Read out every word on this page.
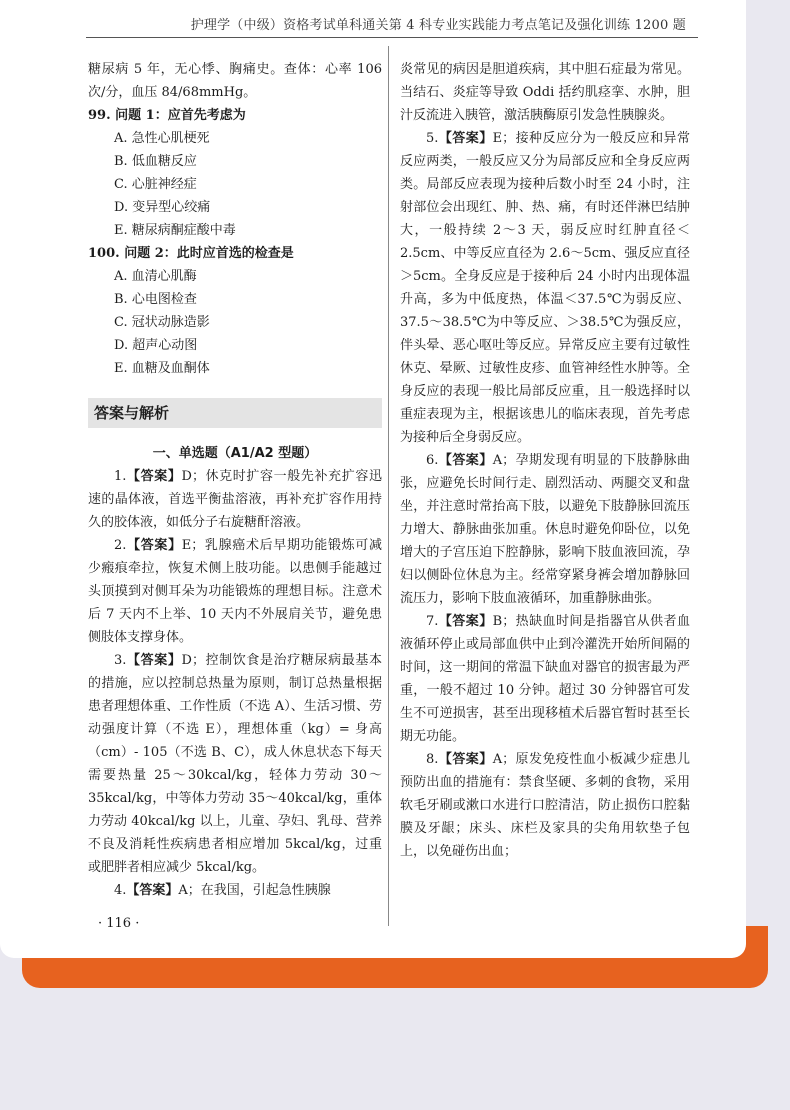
护理学（中级）资格考试单科通关第 4 科专业实践能力考点笔记及强化训练 1200 题

糖尿病 5 年，无心悸、胸痛史。查体：心率 106 次/分，血压 84/68mmHg。

99. 问题 1：应首先考虑为

A. 急性心肌梗死

B. 低血糖反应

C. 心脏神经症

D. 变异型心绞痛

E. 糖尿病酮症酸中毒

100. 问题 2：此时应首选的检查是

A. 血清心肌酶

B. 心电图检查

C. 冠状动脉造影

D. 超声心动图

E. 血糖及血酮体

答案与解析

一、单选题（A1/A2 型题）

1.【答案】D；休克时扩容一般先补充扩容迅速的晶体液，首选平衡盐溶液，再补充扩容作用持久的胶体液，如低分子右旋糖酐溶液。

2.【答案】E；乳腺癌术后早期功能锻炼可减少瘢痕牵拉，恢复术侧上肢功能。以患侧手能越过头顶摸到对侧耳朵为功能锻炼的理想目标。注意术后 7 天内不上举、10 天内不外展肩关节，避免患侧肢体支撑身体。

3.【答案】D；控制饮食是治疗糖尿病最基本的措施，应以控制总热量为原则，制订总热量根据患者理想体重、工作性质（不选 A）、生活习惯、劳动强度计算（不选 E），理想体重（kg）= 身高（cm）- 105（不选 B、C），成人休息状态下每天需要热量 25～30kcal/kg，轻体力劳动 30～35kcal/kg，中等体力劳动 35～40kcal/kg，重体力劳动 40kcal/kg 以上，儿童、孕妇、乳母、营养不良及消耗性疾病患者相应增加 5kcal/kg，过重或肥胖者相应减少 5kcal/kg。

4.【答案】A；在我国，引起急性胰腺

炎常见的病因是胆道疾病，其中胆石症最为常见。当结石、炎症等导致 Oddi 括约肌痉挛、水肿，胆汁反流进入胰管，激活胰酶原引发急性胰腺炎。

5.【答案】E；接种反应分为一般反应和异常反应两类，一般反应又分为局部反应和全身反应两类。局部反应表现为接种后数小时至 24 小时，注射部位会出现红、肿、热、痛，有时还伴淋巴结肿大，一般持续 2～3 天，弱反应时红肿直径＜2.5cm、中等反应直径为 2.6～5cm、强反应直径＞5cm。全身反应是于接种后 24 小时内出现体温升高，多为中低度热，体温＜37.5℃为弱反应、37.5～38.5℃为中等反应、＞38.5℃为强反应，伴头晕、恶心呕吐等反应。异常反应主要有过敏性休克、晕厥、过敏性皮疹、血管神经性水肿等。全身反应的表现一般比局部反应重，且一般选择时以重症表现为主，根据该患儿的临床表现，首先考虑为接种后全身弱反应。

6.【答案】A；孕期发现有明显的下肢静脉曲张，应避免长时间行走、剧烈活动、两腿交叉和盘坐，并注意时常抬高下肢，以避免下肢静脉回流压力增大、静脉曲张加重。休息时避免仰卧位，以免增大的子宫压迫下腔静脉，影响下肢血液回流，孕妇以侧卧位休息为主。经常穿紧身裤会增加静脉回流压力，影响下肢血液循环，加重静脉曲张。

7.【答案】B；热缺血时间是指器官从供者血液循环停止或局部血供中止到冷灌洗开始所间隔的时间，这一期间的常温下缺血对器官的损害最为严重，一般不超过 10 分钟。超过 30 分钟器官可发生不可逆损害，甚至出现移植术后器官暂时甚至长期无功能。

8.【答案】A；原发免疫性血小板减少症患儿预防出血的措施有：禁食坚硬、多刺的食物，采用软毛牙刷或漱口水进行口腔清洁，防止损伤口腔黏膜及牙龈；床头、床栏及家具的尖角用软垫子包上，以免碰伤出血；

· 116 ·
